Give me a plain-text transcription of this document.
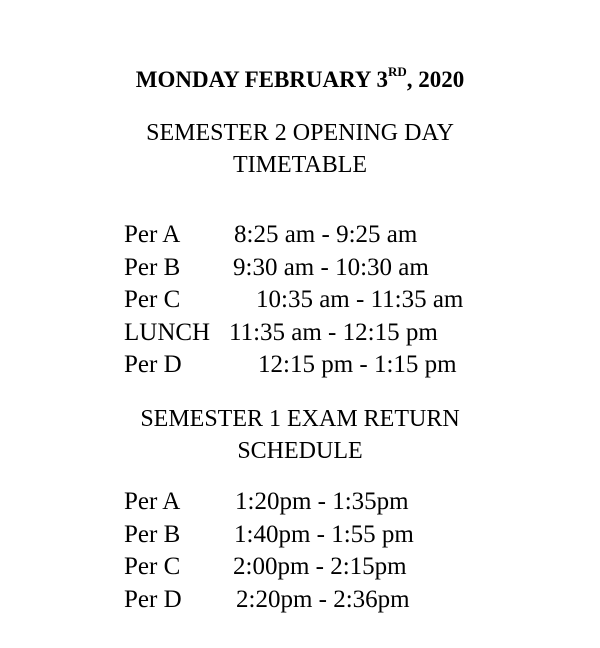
MONDAY FEBRUARY 3RD, 2020
SEMESTER 2 OPENING DAY
TIMETABLE
Per A 8:25 am - 9:25 am
Per B 9:30 am - 10:30 am
Per C	10:35 am - 11:35 am
LUNCH 11:35 am - 12:15 pm
Per D	12:15 pm - 1:15 pm
SEMESTER 1 EXAM RETURN
SCHEDULE
Per A 1:20pm - 1:35pm
Per B 1:40pm - 1:55 pm
Per C 2:00pm - 2:15pm
Per D 2:20pm - 2:36pm
